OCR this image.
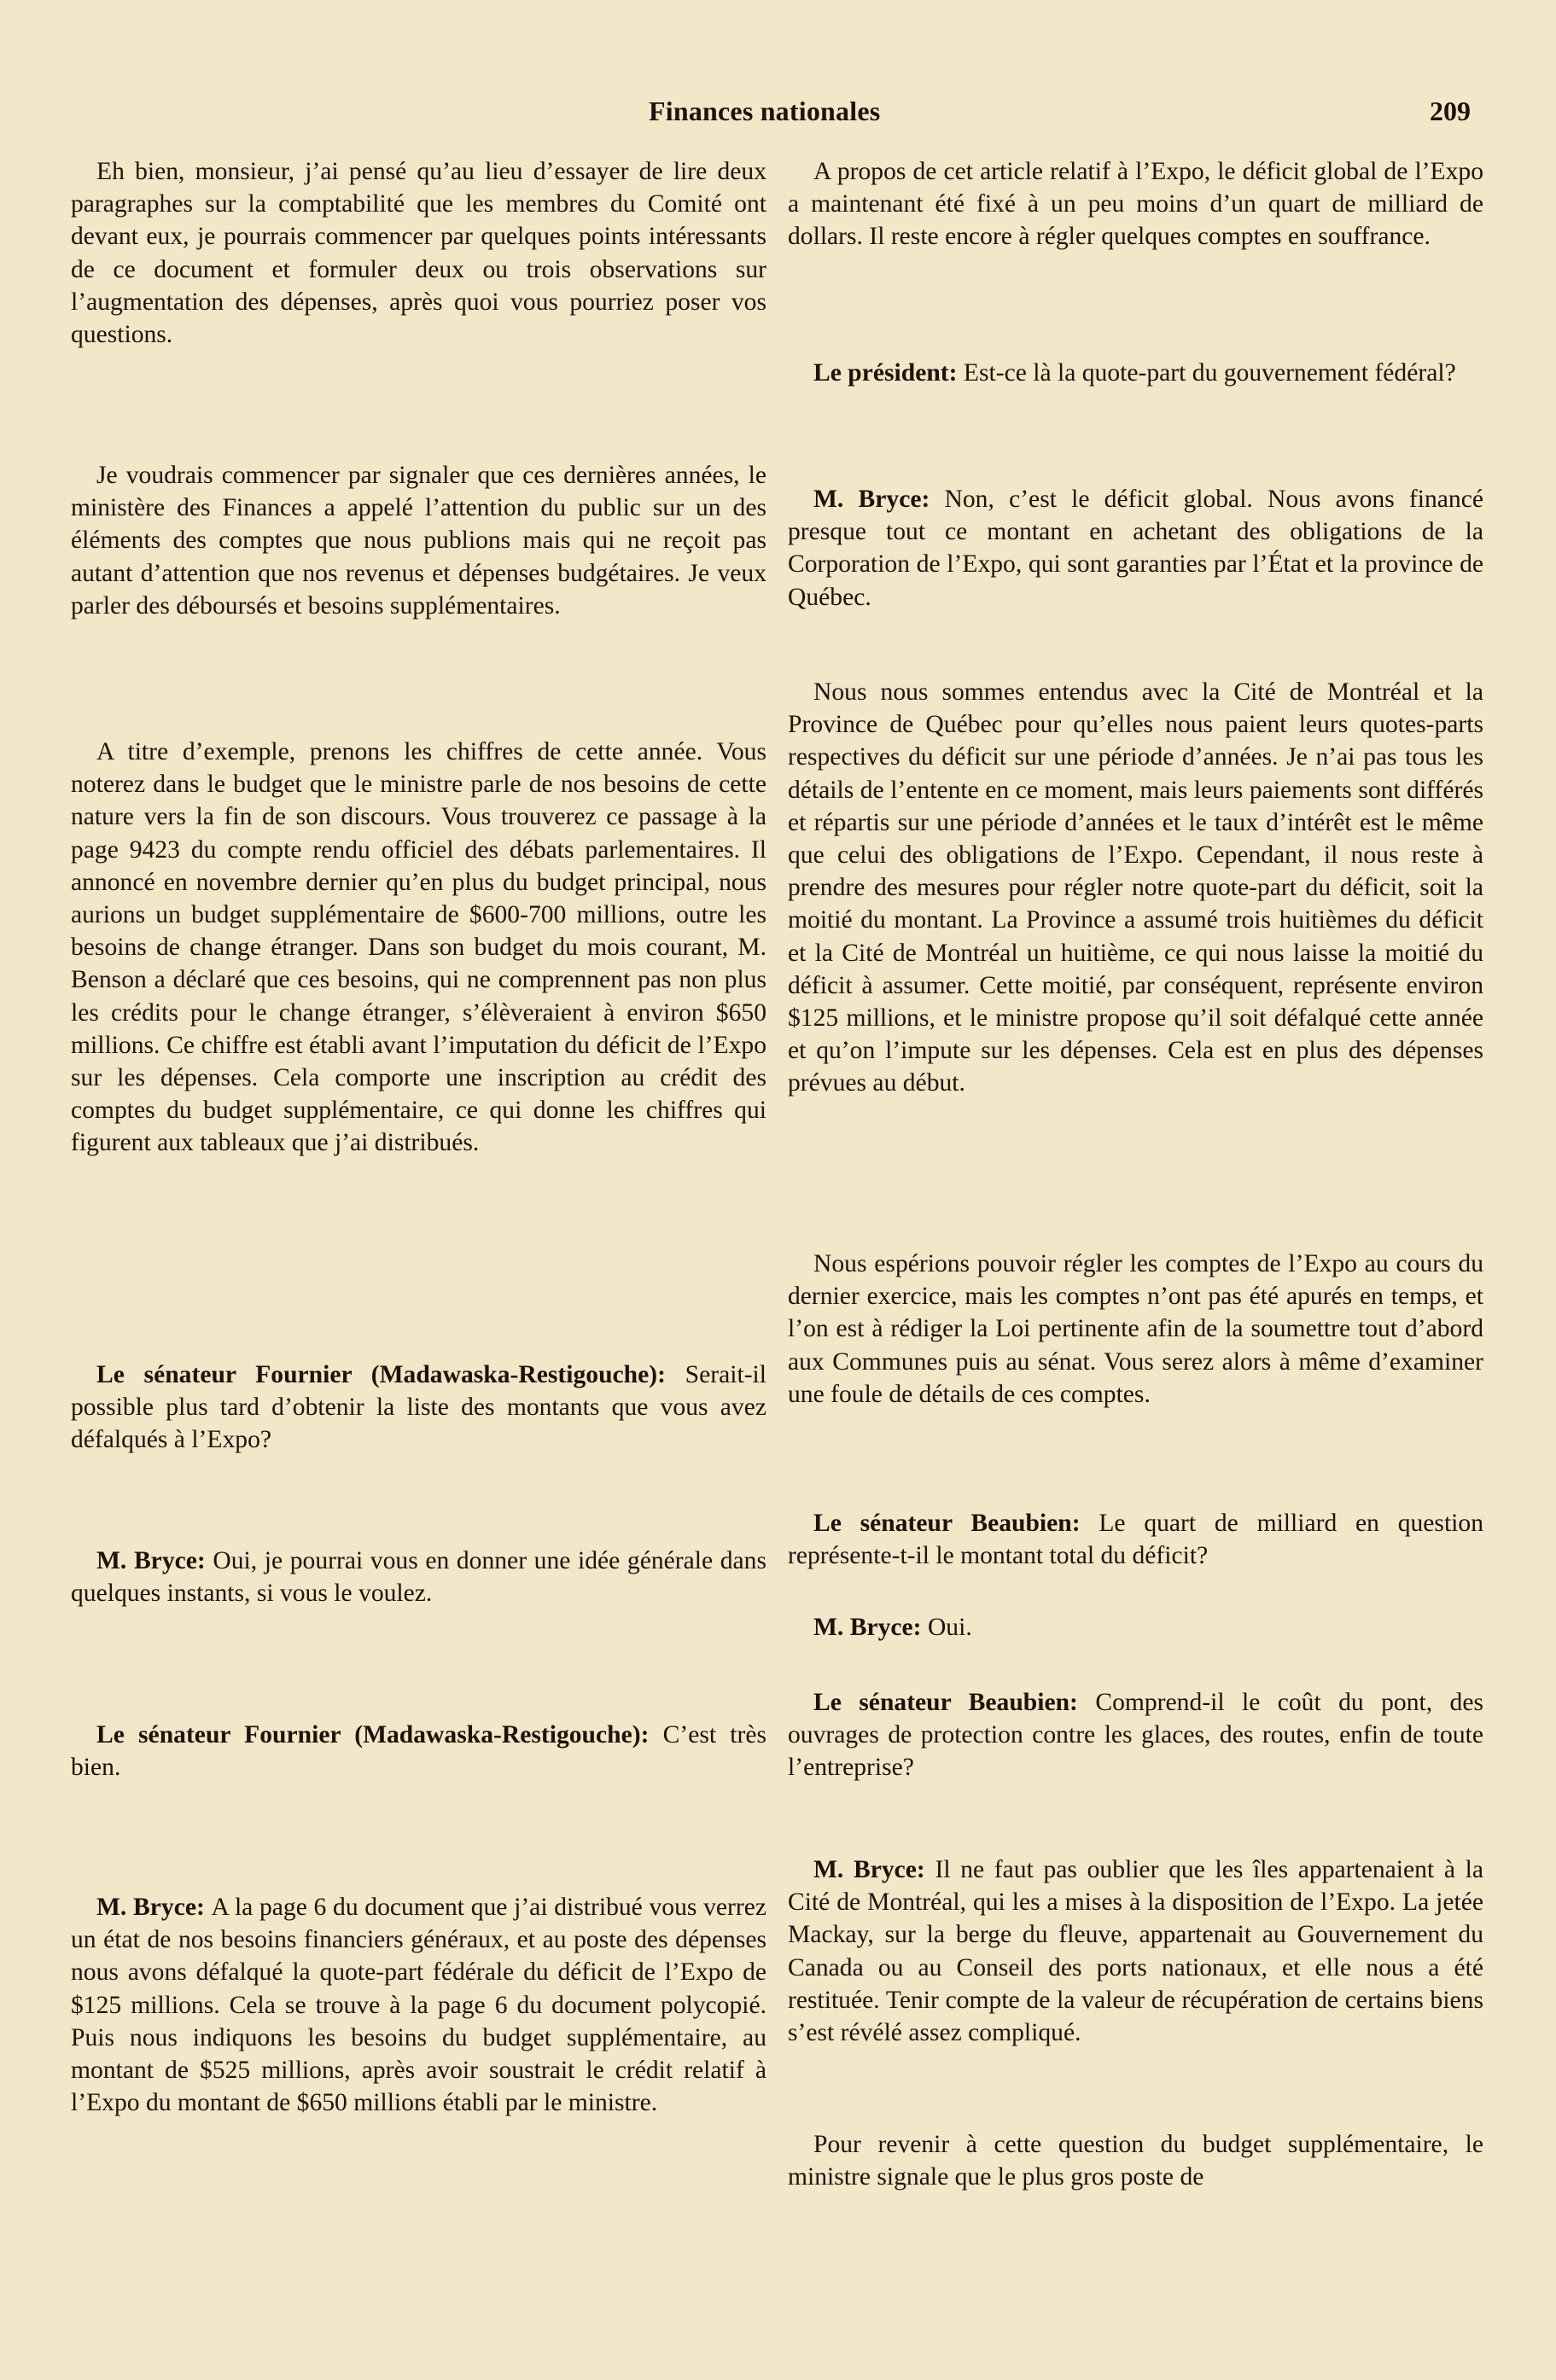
Finances nationales	209

Eh bien, monsieur, j’ai pensé qu’au lieu d’essayer de lire deux paragraphes sur la comptabilité que les membres du Comité ont devant eux, je pourrais commencer par quelques points intéressants de ce document et formuler deux ou trois observations sur l’augmentation des dépenses, après quoi vous pourriez poser vos questions.

Je voudrais commencer par signaler que ces dernières années, le ministère des Finances a appelé l’attention du public sur un des éléments des comptes que nous publions mais qui ne reçoit pas autant d’attention que nos revenus et dépenses budgétaires. Je veux parler des déboursés et besoins supplémentaires.

A titre d’exemple, prenons les chiffres de cette année. Vous noterez dans le budget que le ministre parle de nos besoins de cette nature vers la fin de son discours. Vous trouverez ce passage à la page 9423 du compte rendu officiel des débats parlementaires. Il annoncé en novembre dernier qu’en plus du budget principal, nous aurions un budget supplémentaire de $600-700 millions, outre les besoins de change étranger. Dans son budget du mois courant, M. Benson a déclaré que ces besoins, qui ne comprennent pas non plus les crédits pour le change étranger, s’élèveraient à environ $650 millions. Ce chiffre est établi avant l’imputation du déficit de l’Expo sur les dépenses. Cela comporte une inscription au crédit des comptes du budget supplémentaire, ce qui donne les chiffres qui figurent aux tableaux que j’ai distribués.

Le sénateur Fournier (Madawaska-Restigouche): Serait-il possible plus tard d’obtenir la liste des montants que vous avez défalqués à l’Expo?

M. Bryce: Oui, je pourrai vous en donner une idée générale dans quelques instants, si vous le voulez.

Le sénateur Fournier (Madawaska-Restigouche): C’est très bien.

M. Bryce: A la page 6 du document que j’ai distribué vous verrez un état de nos besoins financiers généraux, et au poste des dépenses nous avons défalqué la quote-part fédérale du déficit de l’Expo de $125 millions. Cela se trouve à la page 6 du document polycopié. Puis nous indiquons les besoins du budget supplémentaire, au montant de $525 millions, après avoir soustrait le crédit relatif à l’Expo du montant de $650 millions établi par le ministre.

A propos de cet article relatif à l’Expo, le déficit global de l’Expo a maintenant été fixé à un peu moins d’un quart de milliard de dollars. Il reste encore à régler quelques comptes en souffrance.

Le président: Est-ce là la quote-part du gouvernement fédéral?

M. Bryce: Non, c’est le déficit global. Nous avons financé presque tout ce montant en achetant des obligations de la Corporation de l’Expo, qui sont garanties par l’État et la province de Québec.

Nous nous sommes entendus avec la Cité de Montréal et la Province de Québec pour qu’elles nous paient leurs quotes-parts respectives du déficit sur une période d’années. Je n’ai pas tous les détails de l’entente en ce moment, mais leurs paiements sont différés et répartis sur une période d’années et le taux d’intérêt est le même que celui des obligations de l’Expo. Cependant, il nous reste à prendre des mesures pour régler notre quote-part du déficit, soit la moitié du montant. La Province a assumé trois huitièmes du déficit et la Cité de Montréal un huitième, ce qui nous laisse la moitié du déficit à assumer. Cette moitié, par conséquent, représente environ $125 millions, et le ministre propose qu’il soit défalqué cette année et qu’on l’impute sur les dépenses. Cela est en plus des dépenses prévues au début.

Nous espérions pouvoir régler les comptes de l’Expo au cours du dernier exercice, mais les comptes n’ont pas été apurés en temps, et l’on est à rédiger la Loi pertinente afin de la soumettre tout d’abord aux Communes puis au sénat. Vous serez alors à même d’examiner une foule de détails de ces comptes.

Le sénateur Beaubien: Le quart de milliard en question représente-t-il le montant total du déficit?

M. Bryce: Oui.

Le sénateur Beaubien: Comprend-il le coût du pont, des ouvrages de protection contre les glaces, des routes, enfin de toute l’entreprise?

M. Bryce: Il ne faut pas oublier que les îles appartenaient à la Cité de Montréal, qui les a mises à la disposition de l’Expo. La jetée Mackay, sur la berge du fleuve, appartenait au Gouvernement du Canada ou au Conseil des ports nationaux, et elle nous a été restituée. Tenir compte de la valeur de récupération de certains biens s’est révélé assez compliqué.

Pour revenir à cette question du budget supplémentaire, le ministre signale que le plus gros poste de
